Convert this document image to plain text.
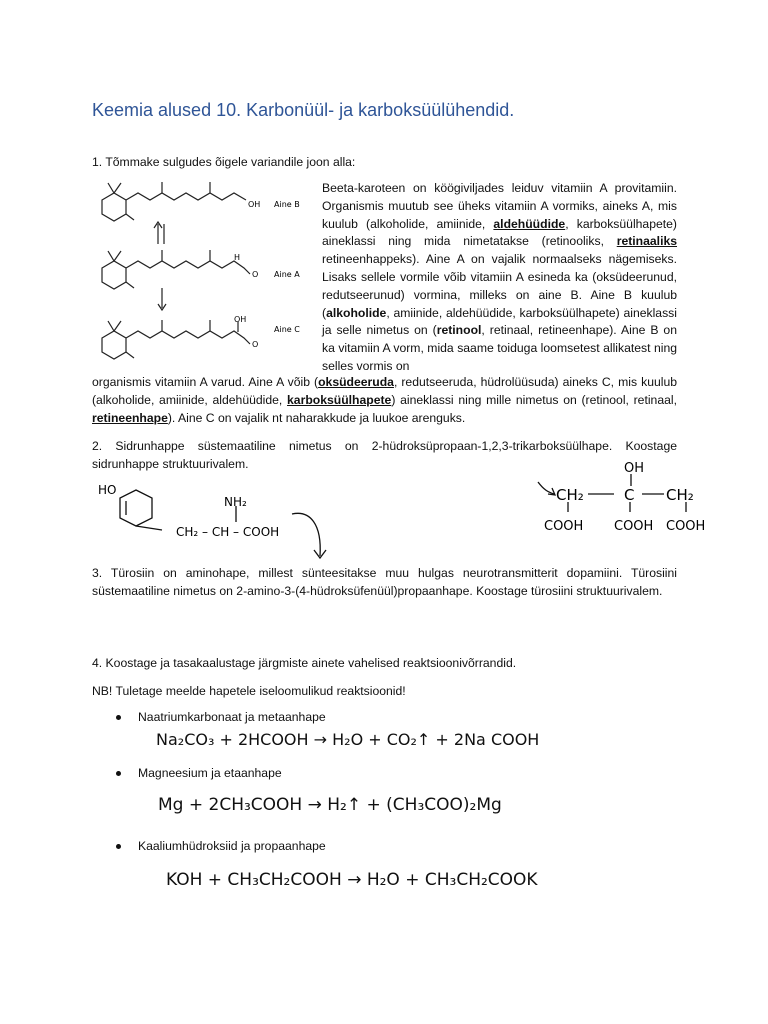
Keemia alused 10. Karbonüül- ja karboksüülühendid.
1. Tõmmake sulgudes õigele variandile joon alla:
OH Aine B
H
O Aine A
OH
O
Aine C
Beeta-karoteen on köögiviljades leiduv vitamiin A provitamiin. Organismis muutub see üheks vitamiin A vormiks, aineks A, mis kuulub (alkoholide, amiinide, aldehüüdide, karboksüülhapete) aineklassi ning mida nimetatakse (retinooliks, retinaaliks retineenhappeks). Aine A on vajalik normaalseks nägemiseks. Lisaks sellele vormile võib vitamiin A esineda ka (oksüdeerunud, redutseerunud) vormina, milleks on aine B. Aine B kuulub (alkoholide, amiinide, aldehüüdide, karboksüülhapete) aineklassi ja selle nimetus on (retinool, retinaal, retineenhape). Aine B on ka vitamiin A vorm, mida saame toiduga loomsetest allikatest ning selles vormis on
organismis vitamiin A varud. Aine A võib (oksüdeeruda, redutseeruda, hüdrolüüsuda) aineks C, mis kuulub (alkoholide, amiinide, aldehüüdide, karboksüülhapete) aineklassi ning mille nimetus on (retinool, retinaal, retineenhape). Aine C on vajalik nt naharakkude ja luukoe arenguks.
2. Sidrunhappe süstemaatiline nimetus on 2-hüdroksüpropaan-1,2,3-trikarboksüülhape. Koostage sidrunhappe struktuurivalem.
HO
NH₂
CH₂ – CH – COOH
OH
CH₂	C CH₂
COOH COOH COOH
3. Türosiin on aminohape, millest sünteesitakse muu hulgas neurotransmitterit dopamiini. Türosiini süstemaatiline nimetus on 2-amino-3-(4-hüdroksüfenüül)propaanhape. Koostage türosiini struktuurivalem.
4. Koostage ja tasakaalustage järgmiste ainete vahelised reaktsioonivõrrandid.
NB! Tuletage meelde hapetele iseloomulikud reaktsioonid!
Naatriumkarbonaat ja metaanhape
Na₂CO₃ + 2HCOOH → H₂O + CO₂↑ + 2Na COOH
Magneesium ja etaanhape
Mg + 2CH₃COOH → H₂↑ + (CH₃COO)₂Mg
Kaaliumhüdroksiid ja propaanhape
KOH + CH₃CH₂COOH → H₂O + CH₃CH₂COOK
